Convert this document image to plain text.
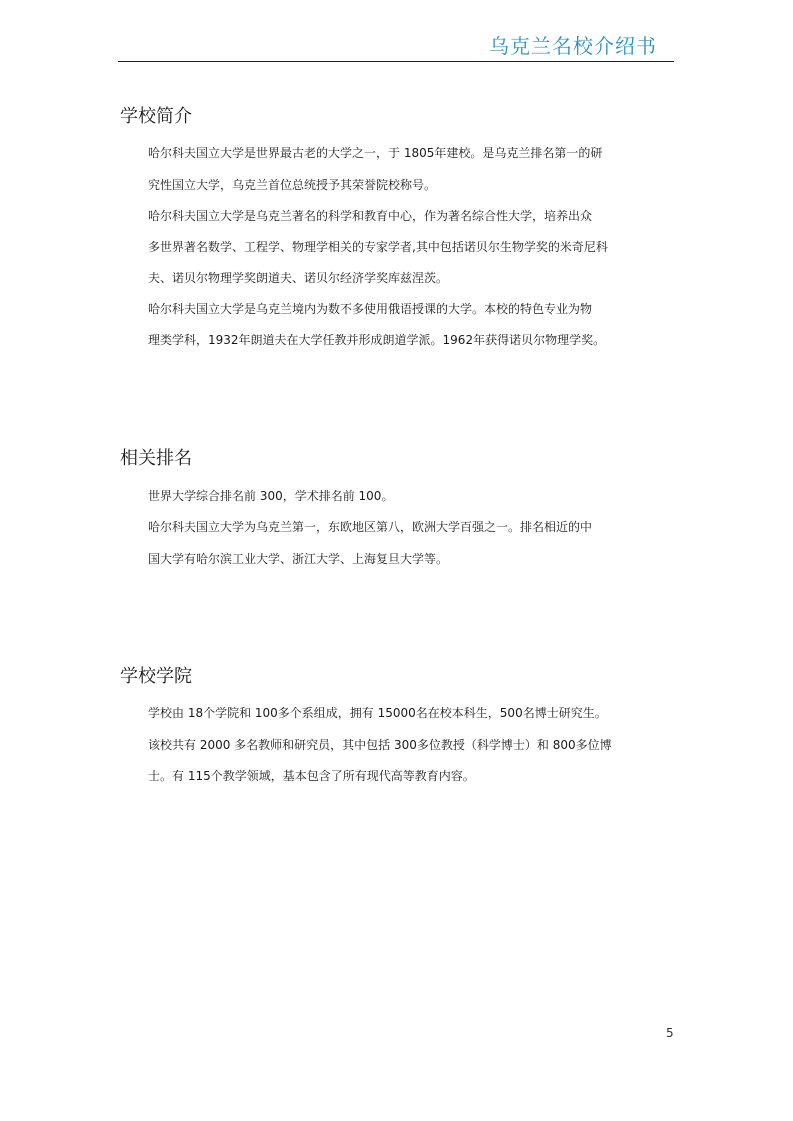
乌克兰名校介绍书
学校简介
哈尔科夫国立大学是世界最古老的大学之一，于 1805年建校。是乌克兰排名第一的研
究性国立大学，乌克兰首位总统授予其荣誉院校称号。
哈尔科夫国立大学是乌克兰著名的科学和教育中心，作为著名综合性大学，培养出众
多世界著名数学、工程学、物理学相关的专家学者,其中包括诺贝尔生物学奖的米奇尼科
夫、诺贝尔物理学奖朗道夫、诺贝尔经济学奖库兹涅茨。
哈尔科夫国立大学是乌克兰境内为数不多使用俄语授课的大学。本校的特色专业为物
理类学科，1932年朗道夫在大学任教并形成朗道学派。1962年获得诺贝尔物理学奖。
相关排名
世界大学综合排名前 300，学术排名前 100。
哈尔科夫国立大学为乌克兰第一，东欧地区第八，欧洲大学百强之一。排名相近的中
国大学有哈尔滨工业大学、浙江大学、上海复旦大学等。
学校学院
学校由 18个学院和 100多个系组成，拥有 15000名在校本科生，500名博士研究生。
该校共有 2000 多名教师和研究员，其中包括 300多位教授（科学博士）和 800多位博
士。有 115个教学领域，基本包含了所有现代高等教育内容。
5
